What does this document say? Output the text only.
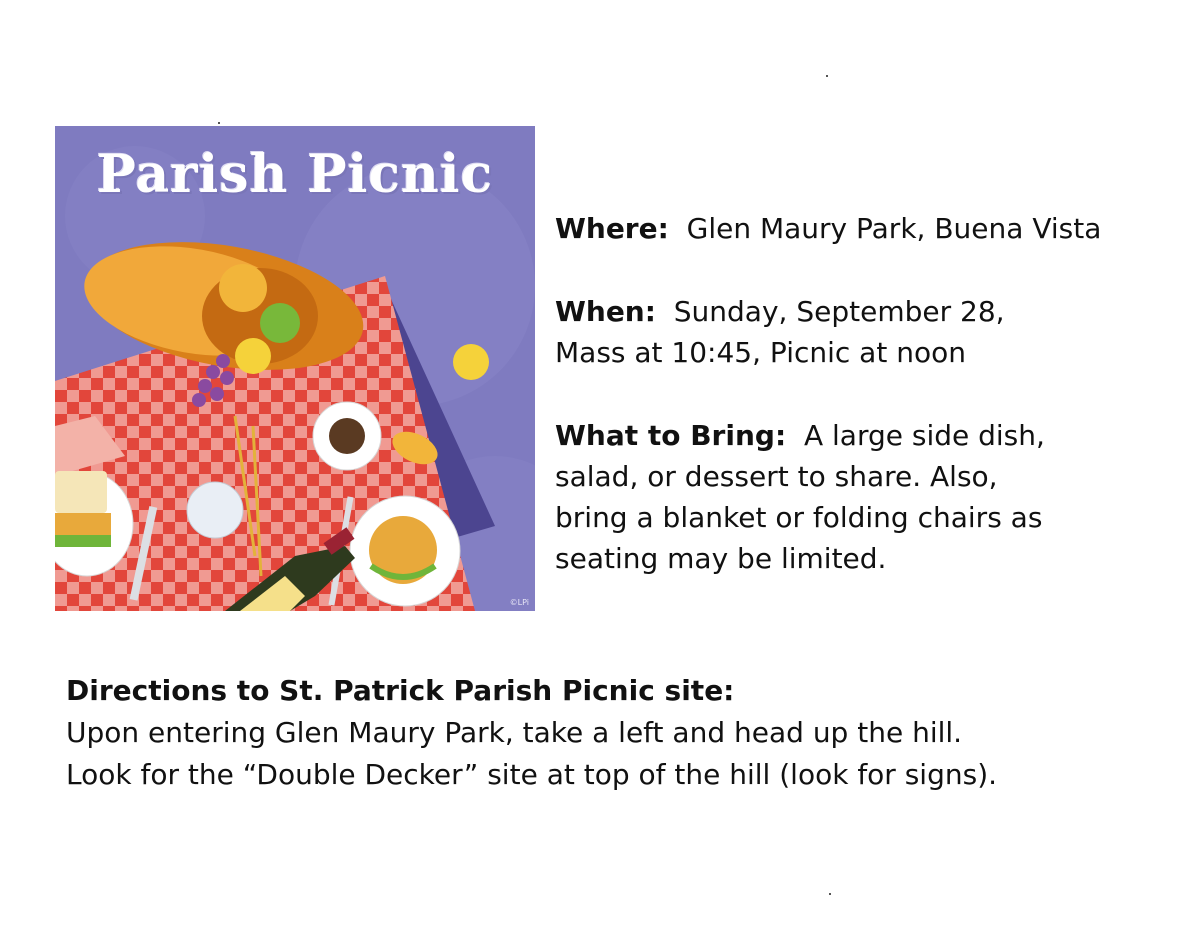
Parish Picnic
©LPi

Where: Glen Maury Park, Buena Vista

When: Sunday, September 28,
Mass at 10:45, Picnic at noon

What to Bring: A large side dish,
salad, or dessert to share. Also,
bring a blanket or folding chairs as
seating may be limited.

Directions to St. Patrick Parish Picnic site:
Upon entering Glen Maury Park, take a left and head up the hill.
Look for the “Double Decker” site at top of the hill (look for signs).
